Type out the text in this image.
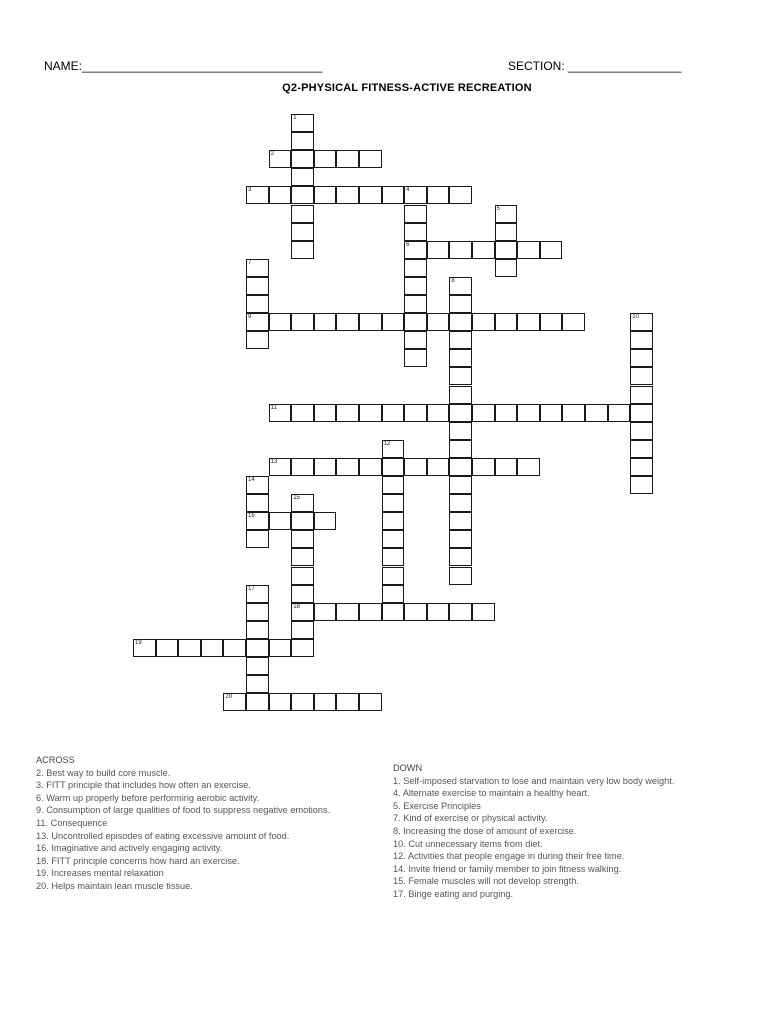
NAME:____________________________________	SECTION: _________________
Q2-PHYSICAL FITNESS-ACTIVE RECREATION
1
2
3	4
6
5
7
9
8
10
11
12
13
14
16
15
18
17
19
20
ACROSS
2. Best way to build core muscle.
3. FITT principle that includes how often an exercise.
6. Warm up properly before performing aerobic activity.
9. Consumption of large qualities of food to suppress negative emotions.
11. Consequence
13. Uncontrolled episodes of eating excessive amount of food.
16. Imaginative and actively engaging activity.
18. FITT principle concerns how hard an exercise.
19. Increases mental relaxation
20. Helps maintain lean muscle tissue.
DOWN
1. Self-imposed starvation to lose and maintain very low body weight.
4. Alternate exercise to maintain a healthy heart.
5. Exercise Principles
7. Kind of exercise or physical activity.
8. Increasing the dose of amount of exercise.
10. Cut unnecessary items from diet.
12. Activities that people engage in during their free time.
14. Invite friend or family member to join fitness walking.
15. Female muscles will not develop strength.
17. Binge eating and purging.
